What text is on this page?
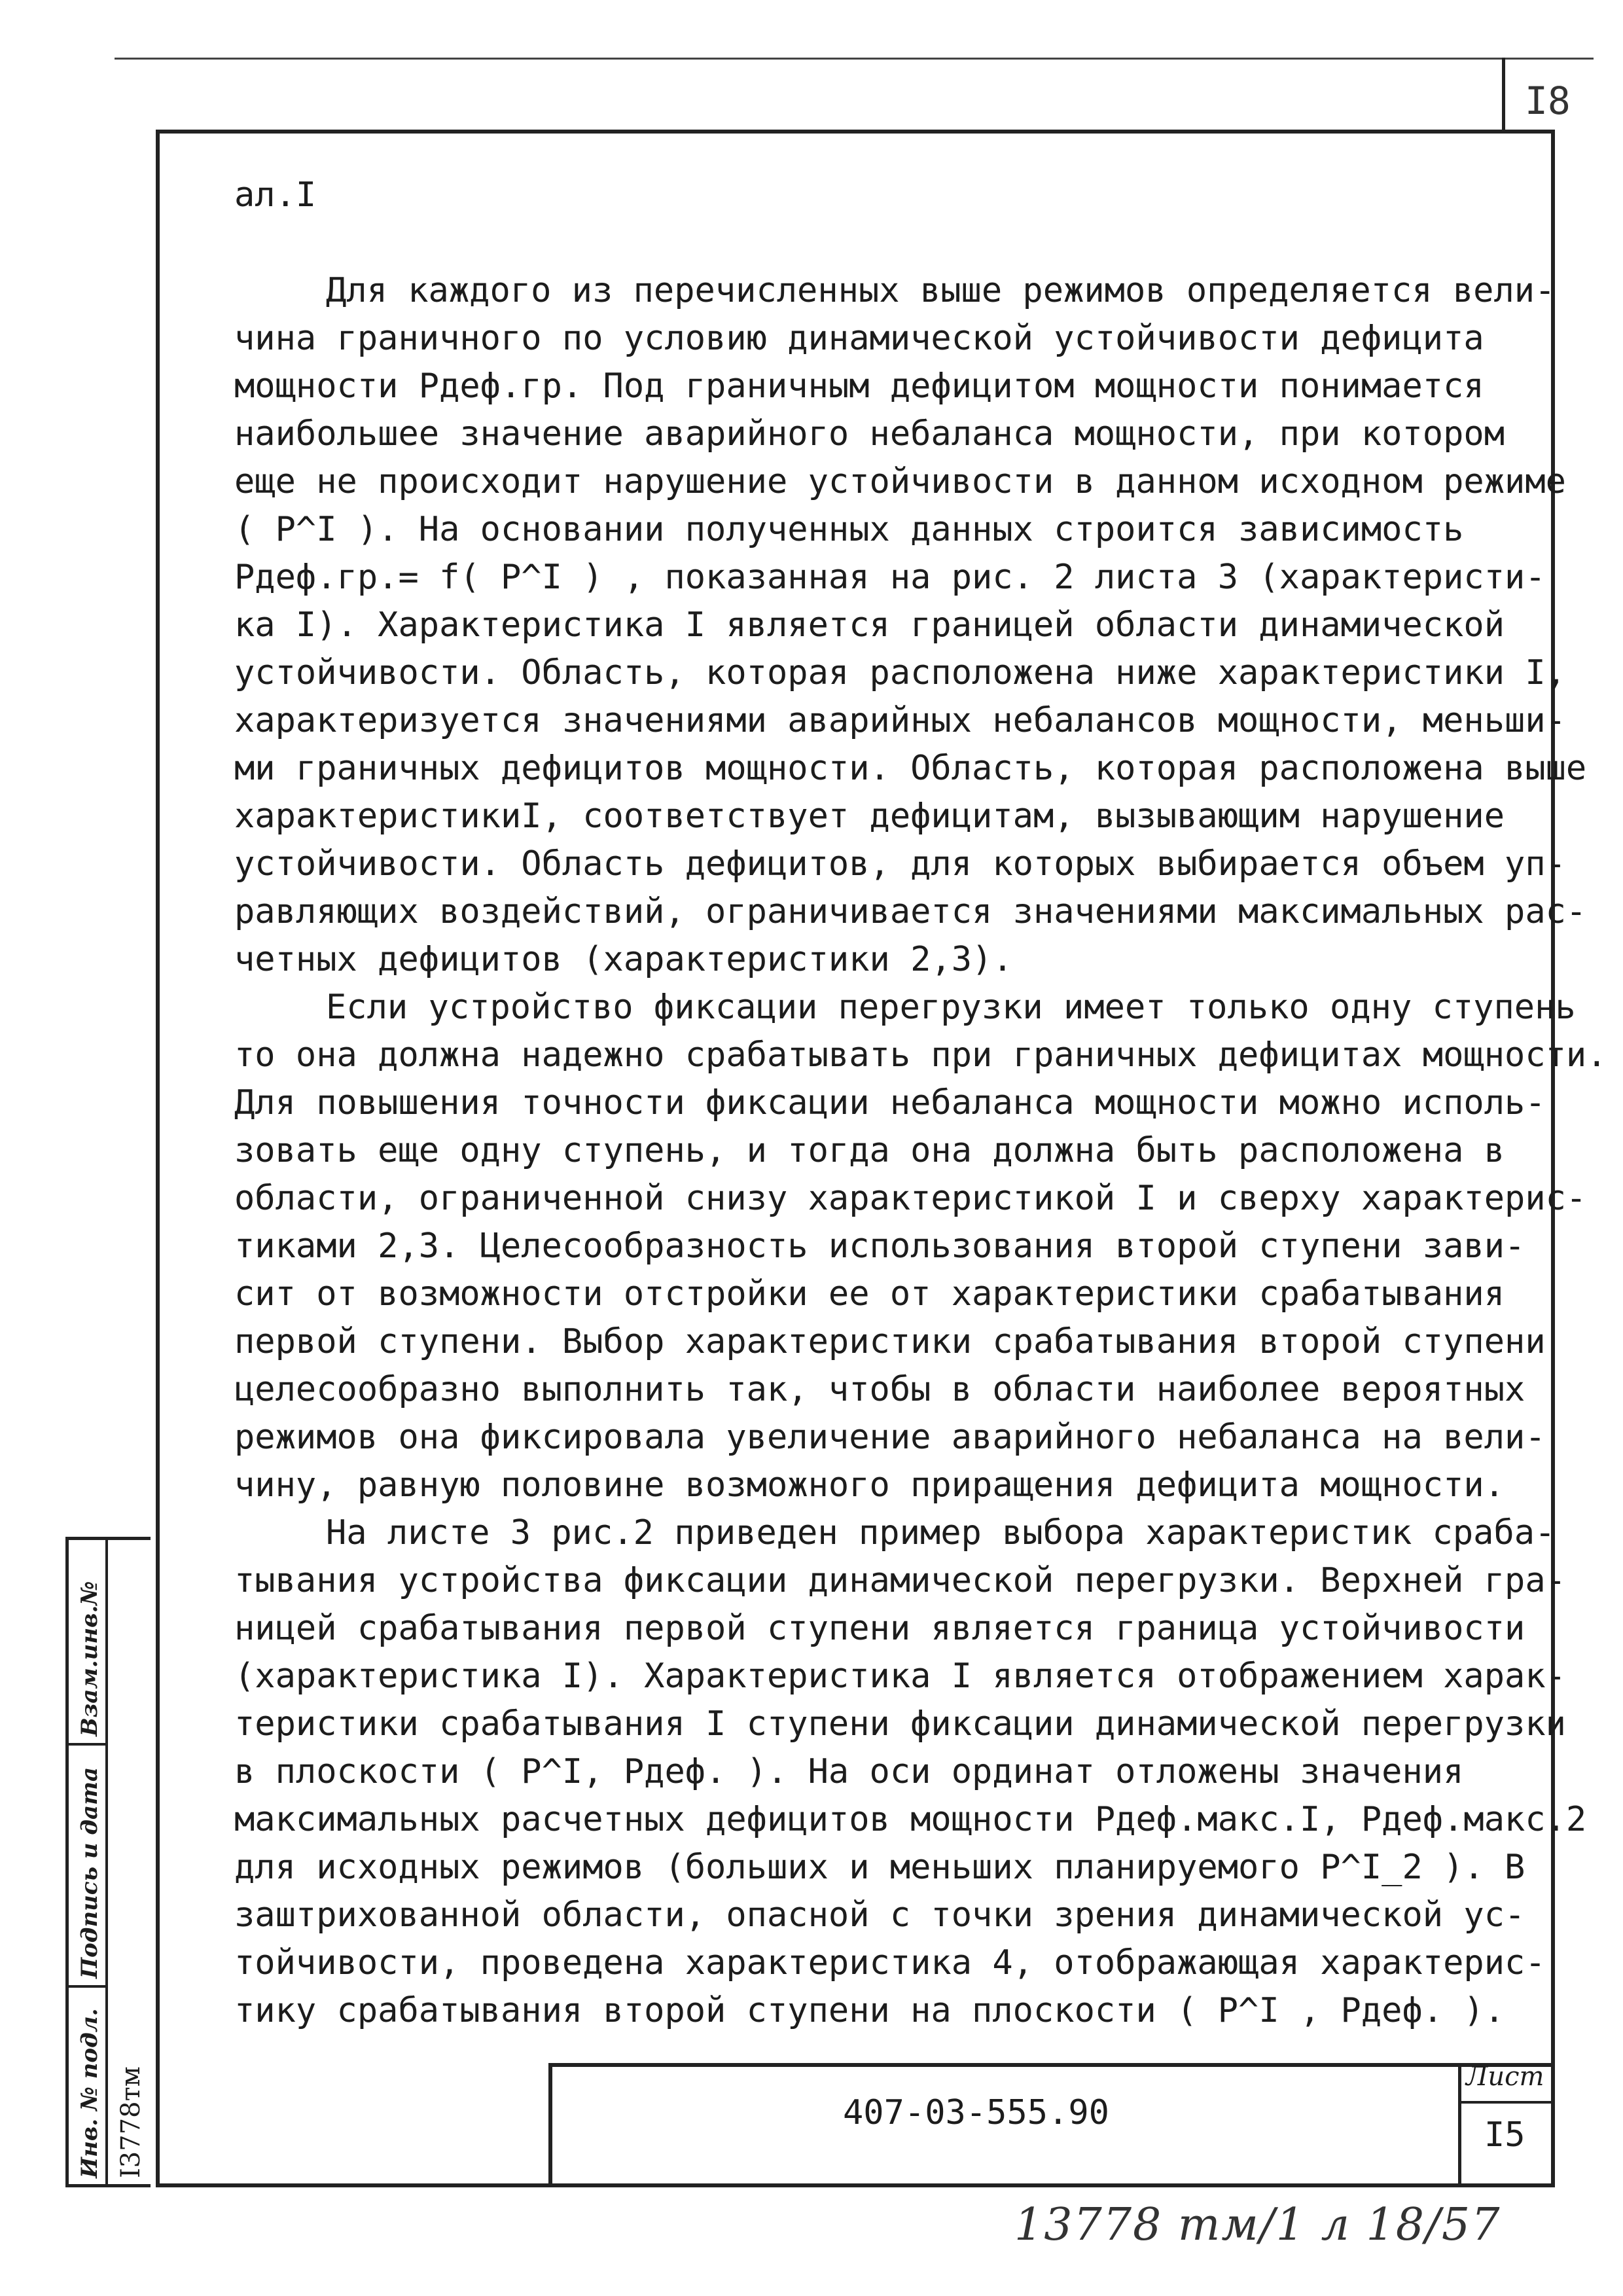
I8

ал.I

Для каждого из перечисленных выше режимов определяется вели-

чина граничного по условию динамической устойчивости дефицита

мощности Рдеф.гр. Под граничным дефицитом мощности понимается

наибольшее значение аварийного небаланса мощности, при котором

еще не происходит нарушение устойчивости в данном исходном режиме

( P^I ). На основании полученных данных строится зависимость

Рдеф.гр.= f( P^I ) , показанная на рис. 2 листа 3 (характеристи-

ка I). Характеристика I является границей области динамической

устойчивости. Область, которая расположена ниже характеристики I,

характеризуется значениями аварийных небалансов мощности, меньши-

ми граничных дефицитов мощности. Область, которая расположена выше

характеристикиI, соответствует дефицитам, вызывающим нарушение

устойчивости. Область дефицитов, для которых выбирается объем уп-

равляющих воздействий, ограничивается значениями максимальных рас-

четных дефицитов (характеристики 2,3).

Если устройство фиксации перегрузки имеет только одну ступень

то она должна надежно срабатывать при граничных дефицитах мощности.

Для повышения точности фиксации небаланса мощности можно исполь-

зовать еще одну ступень, и тогда она должна быть расположена в

области, ограниченной снизу характеристикой I и сверху характерис-

тиками 2,3. Целесообразность использования второй ступени зави-

сит от возможности отстройки ее от характеристики срабатывания

первой ступени. Выбор характеристики срабатывания второй ступени

целесообразно выполнить так, чтобы в области наиболее вероятных

режимов она фиксировала увеличение аварийного небаланса на вели-

чину, равную половине возможного приращения дефицита мощности.

На листе 3 рис.2 приведен пример выбора характеристик сраба-

тывания устройства фиксации динамической перегрузки. Верхней гра-

ницей срабатывания первой ступени является граница устойчивости

(характеристика I). Характеристика I является отображением харак-

теристики срабатывания I ступени фиксации динамической перегрузки

в плоскости ( P^I, Pдеф. ). На оси ординат отложены значения

максимальных расчетных дефицитов мощности Рдеф.макс.I, Рдеф.макс.2

для исходных режимов (больших и меньших планируемого P^I_2 ). В

заштрихованной области, опасной с точки зрения динамической ус-

тойчивости, проведена характеристика 4, отображающая характерис-

тику срабатывания второй ступени на плоскости ( P^I , Pдеф. ).

Взам.инв.№
Подпись и дата
Инв. № подл. I3778тм	407-03-555.90
Лист
I5
13778 тм/1 л 18/57
